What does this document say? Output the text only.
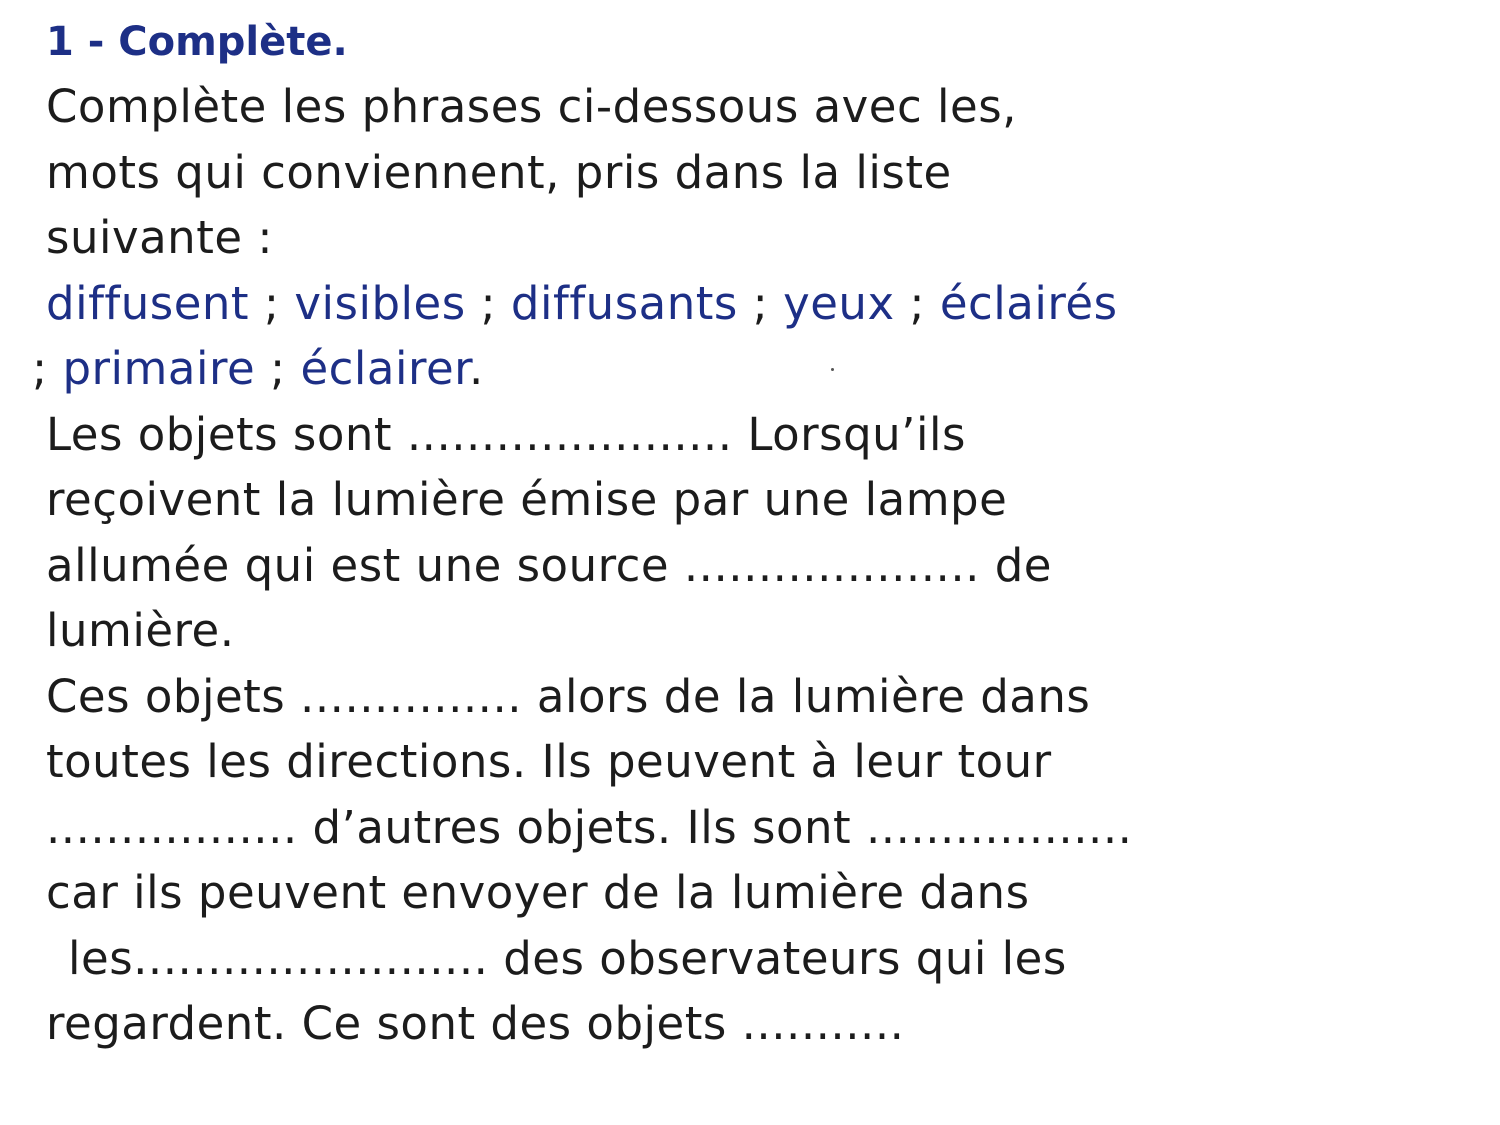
1 - Complète.
Complète les phrases ci-dessous avec les,
mots qui conviennent, pris dans la liste
suivante :
diffusent ; visibles ; diffusants ; yeux ; éclairés
; primaire ; éclairer.
Les objets sont ...................... Lorsqu’ils
reçoivent la lumière émise par une lampe
allumée qui est une source .................... de
lumière.
Ces objets ............... alors de la lumière dans
toutes les directions. Ils peuvent à leur tour
................. d’autres objets. Ils sont ..................
car ils peuvent envoyer de la lumière dans
les........................ des observateurs qui les
regardent. Ce sont des objets ...........
